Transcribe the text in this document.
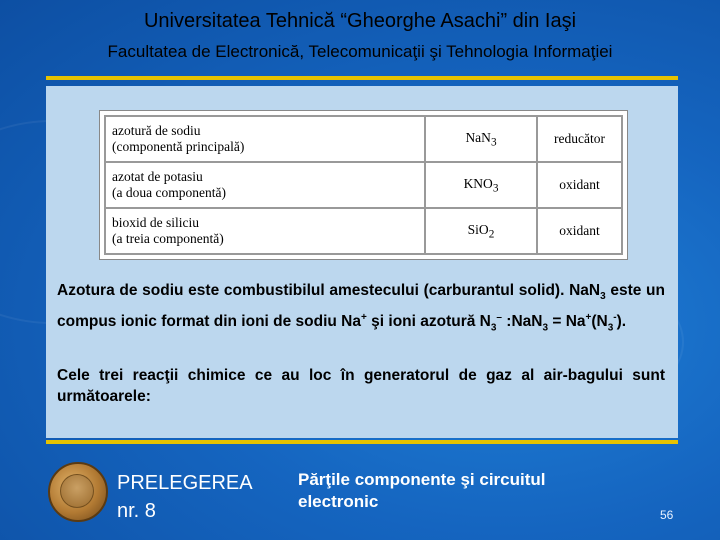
Universitatea Tehnică “Gheorghe Asachi” din Iaşi
Facultatea de Electronică, Telecomunicaţii şi Tehnologia Informaţiei
azotură de sodiu
(componentă principală)	NaN$_3$	reducător
azotat de potasiu
(a doua componentă)	$KNO_3$	oxidant
bioxid de siliciu
(a treia componentă)	SiO$_2$	oxidant
Azotura de sodiu este combustibilul amestecului (carburantul solid). NaN$_3$ este un compus ionic format din ioni de sodiu Na+ şi ioni azotură $N_3^-$ :NaN$_3$ = $Na^+(N_3^-)$.
Cele trei reacţii chimice ce au loc în generatorul de gaz al air-bagului sunt următoarele:
PRELEGEREA
nr. 8
Părţile componente şi circuitul electronic
56
